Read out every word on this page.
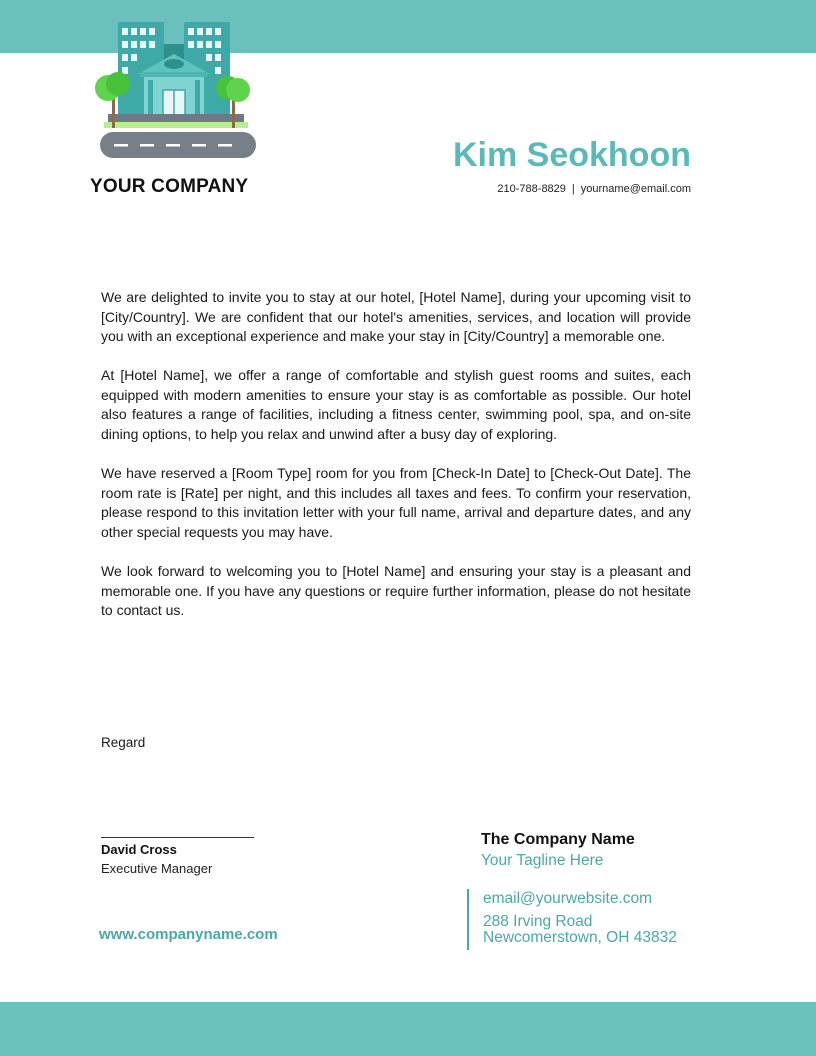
YOUR COMPANY
Kim Seokhoon
210-788-8829 | yourname@email.com

We are delighted to invite you to stay at our hotel, [Hotel Name], during your upcoming visit to [City/Country]. We are confident that our hotel's amenities, services, and location will provide you with an exceptional experience and make your stay in [City/Country] a memorable one.

At [Hotel Name], we offer a range of comfortable and stylish guest rooms and suites, each equipped with modern amenities to ensure your stay is as comfortable as possible. Our hotel also features a range of facilities, including a fitness center, swimming pool, spa, and on-site dining options, to help you relax and unwind after a busy day of exploring.

We have reserved a [Room Type] room for you from [Check-In Date] to [Check-Out Date]. The room rate is [Rate] per night, and this includes all taxes and fees. To confirm your reservation, please respond to this invitation letter with your full name, arrival and departure dates, and any other special requests you may have.

We look forward to welcoming you to [Hotel Name] and ensuring your stay is a pleasant and memorable one. If you have any questions or require further information, please do not hesitate to contact us.

Regard
David Cross
Executive Manager
www.companyname.com
The Company Name
Your Tagline Here
email@yourwebsite.com
288 Irving Road
Newcomerstown, OH 43832
